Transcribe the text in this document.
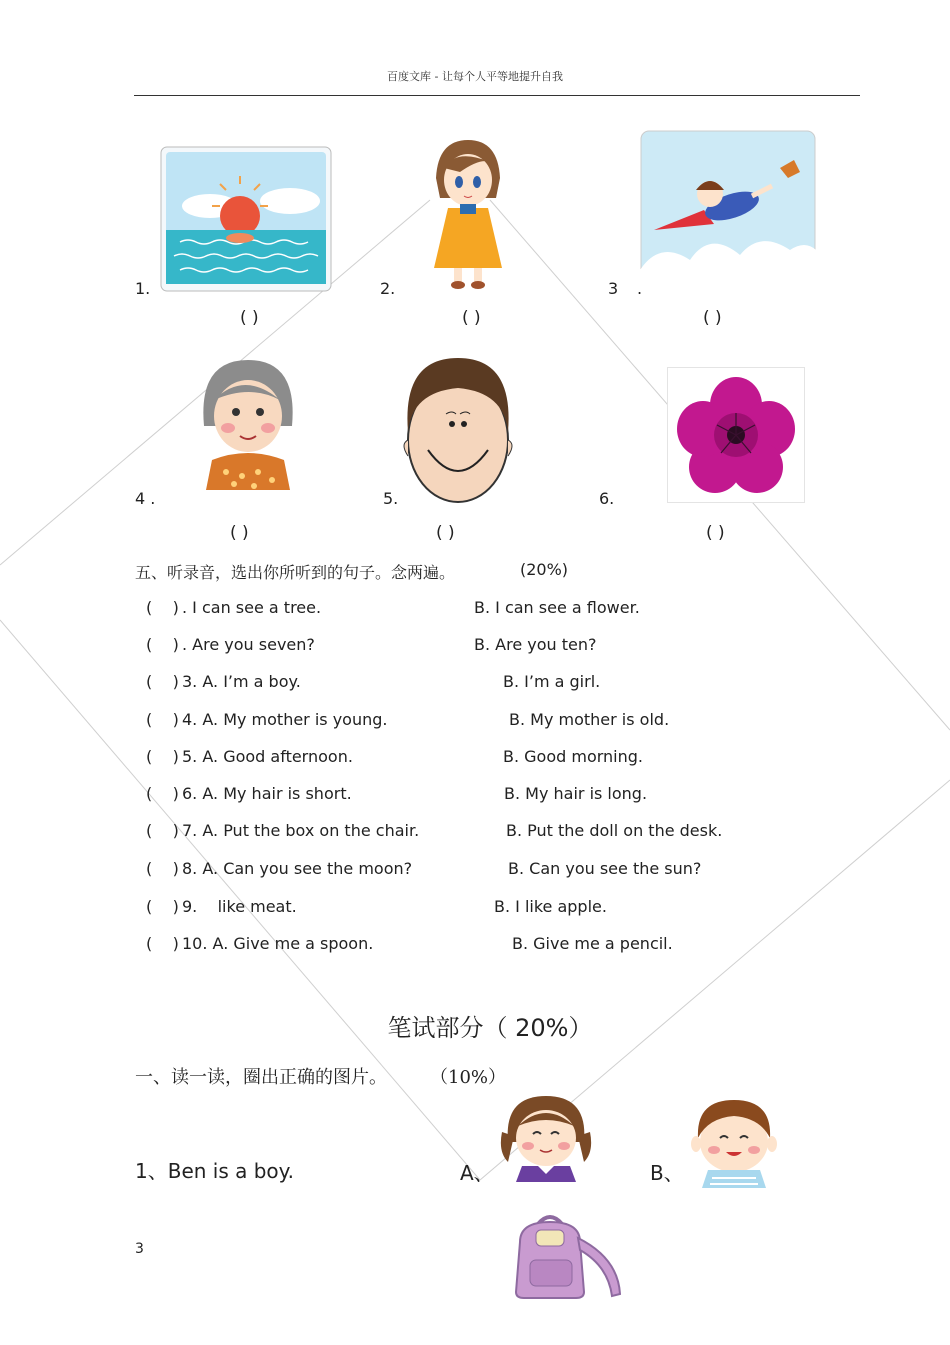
百度文库 - 让每个人平等地提升自我
1.
( )
2.
( )
3 .
( )
4 .
( )
5.
( )
6.
( )
五、听录音，选出你所听到的句子。念两遍。	(20%)
(    ) . I can see a tree.	B. I can see a flower.
(    ) . Are you seven?	B. Are you ten?
(    ) 3. A. I’m a boy.	B. I’m a girl.
(    ) 4. A. My mother is young.	B. My mother is old.
(    ) 5. A. Good afternoon.	B. Good morning.
(    ) 6. A. My hair is short.	B. My hair is long.
(    ) 7. A. Put the box on the chair.	B. Put the doll on the desk.
(    ) 8. A. Can you see the moon?	B. Can you see the sun?
(    ) 9.    like meat.	B. I like apple.
(    ) 10. A. Give me a spoon.	B. Give me a pencil.
笔试部分（ 20%）
一、读一读，圈出正确的图片。 （10%）
1、Ben is a boy.	A、	B、
3
